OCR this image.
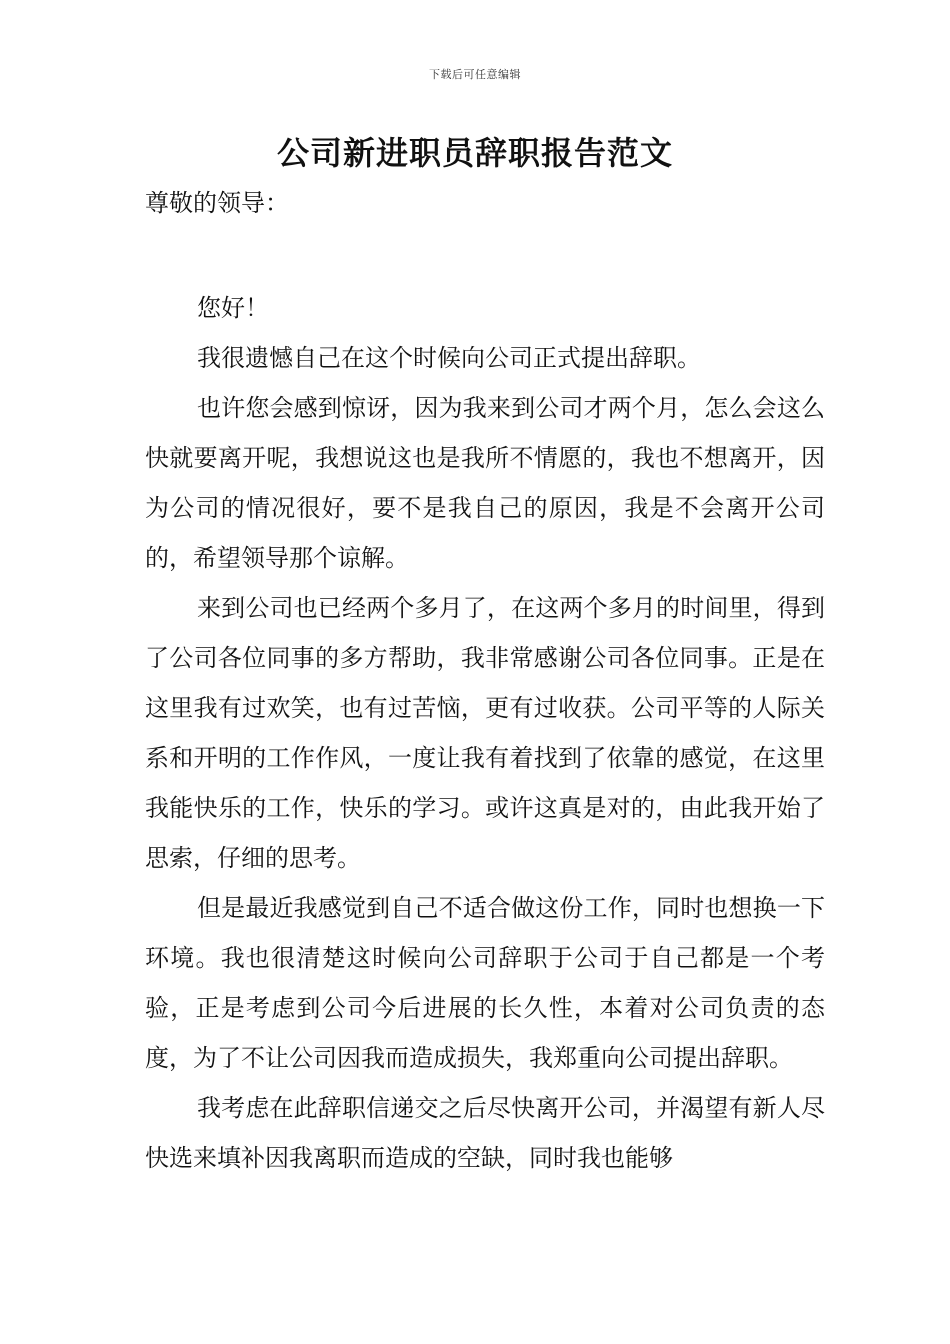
下载后可任意编辑
公司新进职员辞职报告范文

尊敬的领导：

您好！

我很遗憾自己在这个时候向公司正式提出辞职。

也许您会感到惊讶，因为我来到公司才两个月，怎么会这么快就要离开呢，我想说这也是我所不情愿的，我也不想离开，因为公司的情况很好，要不是我自己的原因，我是不会离开公司的，希望领导那个谅解。

来到公司也已经两个多月了，在这两个多月的时间里，得到了公司各位同事的多方帮助，我非常感谢公司各位同事。正是在这里我有过欢笑，也有过苦恼，更有过收获。公司平等的人际关系和开明的工作作风，一度让我有着找到了依靠的感觉，在这里我能快乐的工作，快乐的学习。或许这真是对的，由此我开始了思索，仔细的思考。

但是最近我感觉到自己不适合做这份工作，同时也想换一下环境。我也很清楚这时候向公司辞职于公司于自己都是一个考验，正是考虑到公司今后进展的长久性，本着对公司负责的态度，为了不让公司因我而造成损失，我郑重向公司提出辞职。

我考虑在此辞职信递交之后尽快离开公司，并渴望有新人尽快选来填补因我离职而造成的空缺，同时我也能够
